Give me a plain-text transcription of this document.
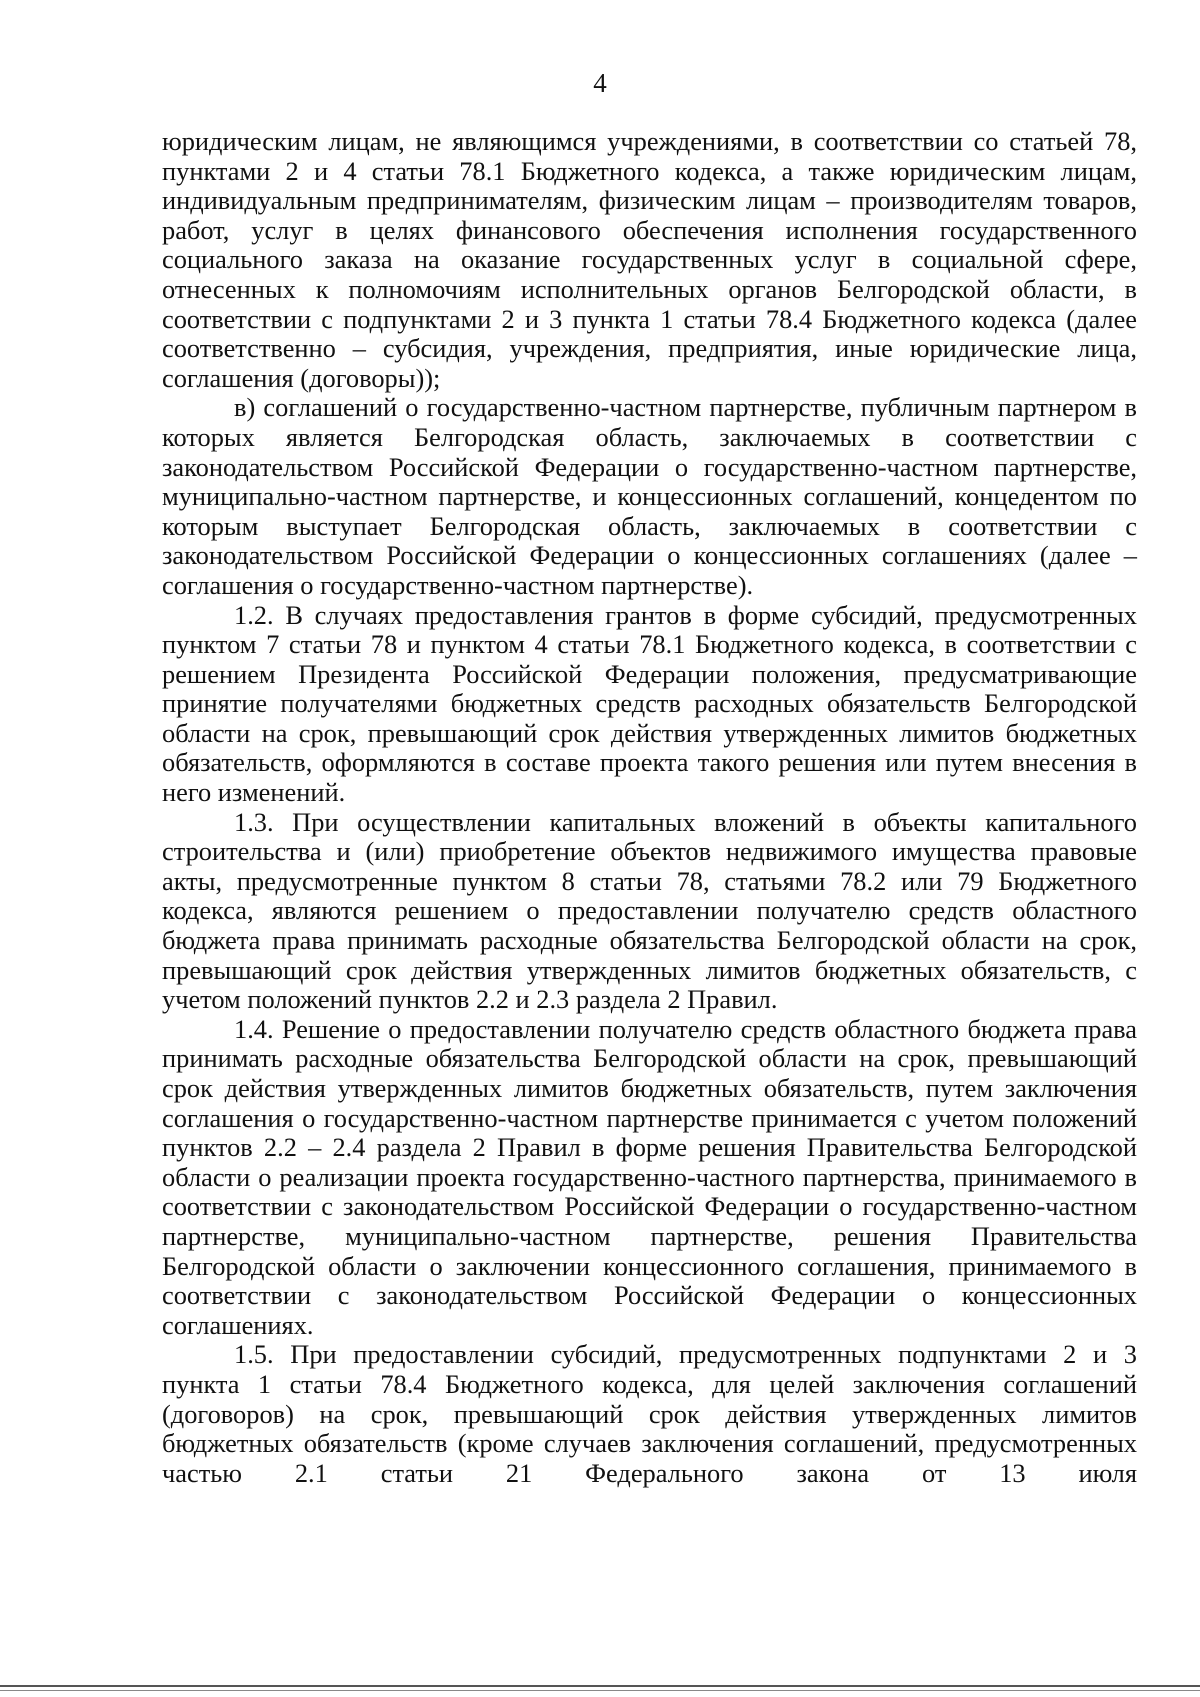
4

юридическим лицам, не являющимся учреждениями, в соответствии со статьей 78, пунктами 2 и 4 статьи 78.1 Бюджетного кодекса, а также юридическим лицам, индивидуальным предпринимателям, физическим лицам – производителям товаров, работ, услуг в целях финансового обеспечения исполнения государственного социального заказа на оказание государственных услуг в социальной сфере, отнесенных к полномочиям исполнительных органов Белгородской области, в соответствии с подпунктами 2 и 3 пункта 1 статьи 78.4 Бюджетного кодекса (далее соответственно – субсидия, учреждения, предприятия, иные юридические лица, соглашения (договоры));

в) соглашений о государственно-частном партнерстве, публичным партнером в которых является Белгородская область, заключаемых в соответствии с законодательством Российской Федерации о государственно-частном партнерстве, муниципально-частном партнерстве, и концессионных соглашений, концедентом по которым выступает Белгородская область, заключаемых в соответствии с законодательством Российской Федерации о концессионных соглашениях (далее – соглашения о государственно-частном партнерстве).

1.2. В случаях предоставления грантов в форме субсидий, предусмотренных пунктом 7 статьи 78 и пунктом 4 статьи 78.1 Бюджетного кодекса, в соответствии с решением Президента Российской Федерации положения, предусматривающие принятие получателями бюджетных средств расходных обязательств Белгородской области на срок, превышающий срок действия утвержденных лимитов бюджетных обязательств, оформляются в составе проекта такого решения или путем внесения в него изменений.

1.3. При осуществлении капитальных вложений в объекты капитального строительства и (или) приобретение объектов недвижимого имущества правовые акты, предусмотренные пунктом 8 статьи 78, статьями 78.2 или 79 Бюджетного кодекса, являются решением о предоставлении получателю средств областного бюджета права принимать расходные обязательства Белгородской области на срок, превышающий срок действия утвержденных лимитов бюджетных обязательств, с учетом положений пунктов 2.2 и 2.3 раздела 2 Правил.

1.4. Решение о предоставлении получателю средств областного бюджета права принимать расходные обязательства Белгородской области на срок, превышающий срок действия утвержденных лимитов бюджетных обязательств, путем заключения соглашения о государственно-частном партнерстве принимается с учетом положений пунктов 2.2 – 2.4 раздела 2 Правил в форме решения Правительства Белгородской области о реализации проекта государственно-частного партнерства, принимаемого в соответствии с законодательством Российской Федерации о государственно-частном партнерстве, муниципально-частном партнерстве, решения Правительства Белгородской области о заключении концессионного соглашения, принимаемого в соответствии с законодательством Российской Федерации о концессионных соглашениях.

1.5. При предоставлении субсидий, предусмотренных подпунктами 2 и 3 пункта 1 статьи 78.4 Бюджетного кодекса, для целей заключения соглашений (договоров) на срок, превышающий срок действия утвержденных лимитов бюджетных обязательств (кроме случаев заключения соглашений, предусмотренных частью 2.1 статьи 21 Федерального закона от 13 июля
